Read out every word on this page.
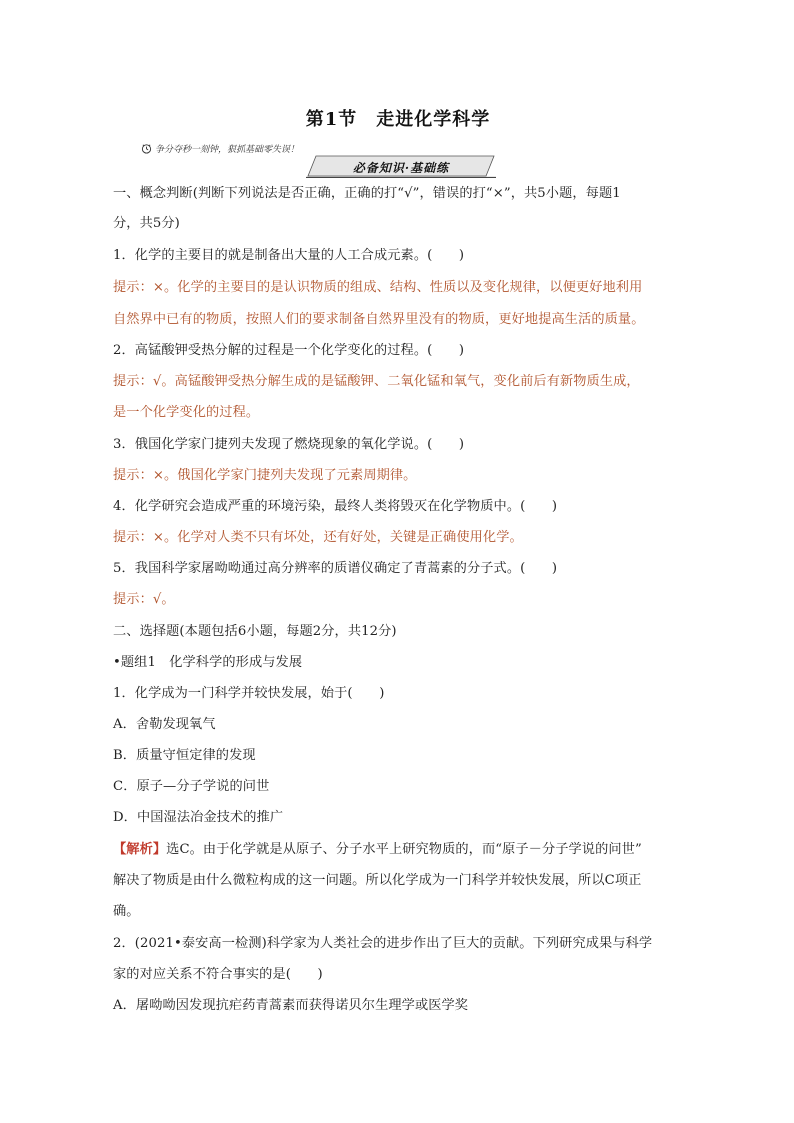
第1节　走进化学科学
争分夺秒一刻钟，狠抓基础零失误！
必备知识·基础练
一、概念判断(判断下列说法是否正确，正确的打“√”，错误的打“×”，共5小题，每题1
分，共5分)
1．化学的主要目的就是制备出大量的人工合成元素。(　　)
提示：×。化学的主要目的是认识物质的组成、结构、性质以及变化规律，以便更好地利用
自然界中已有的物质，按照人们的要求制备自然界里没有的物质，更好地提高生活的质量。
2．高锰酸钾受热分解的过程是一个化学变化的过程。(　　)
提示：√。高锰酸钾受热分解生成的是锰酸钾、二氧化锰和氧气，变化前后有新物质生成，
是一个化学变化的过程。
3．俄国化学家门捷列夫发现了燃烧现象的氧化学说。(　　)
提示：×。俄国化学家门捷列夫发现了元素周期律。
4．化学研究会造成严重的环境污染，最终人类将毁灭在化学物质中。(　　)
提示：×。化学对人类不只有坏处，还有好处，关键是正确使用化学。
5．我国科学家屠呦呦通过高分辨率的质谱仪确定了青蒿素的分子式。(　　)
提示：√。
二、选择题(本题包括6小题，每题2分，共12分)
•题组1　化学科学的形成与发展
1．化学成为一门科学并较快发展，始于(　　)
A．舍勒发现氧气
B．质量守恒定律的发现
C．原子—分子学说的问世
D．中国湿法冶金技术的推广
【解析】选C。由于化学就是从原子、分子水平上研究物质的，而“原子－分子学说的问世”
解决了物质是由什么微粒构成的这一问题。所以化学成为一门科学并较快发展，所以C项正
确。
2．(2021•泰安高一检测)科学家为人类社会的进步作出了巨大的贡献。下列研究成果与科学
家的对应关系不符合事实的是(　　)
A．屠呦呦因发现抗疟药青蒿素而获得诺贝尔生理学或医学奖
